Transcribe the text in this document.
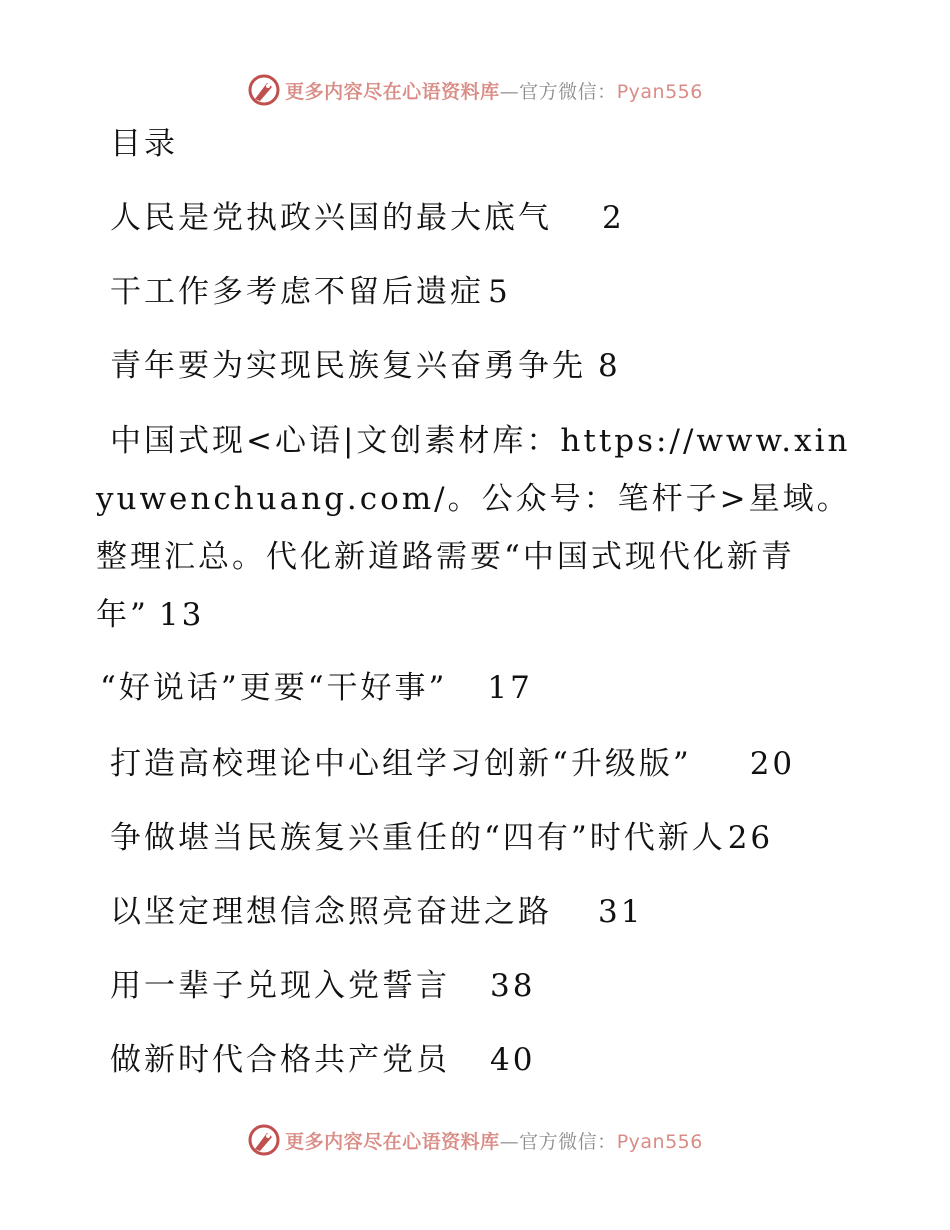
更多内容尽在心语资料库—官方微信：Pyan556
目录
人民是党执政兴国的最大底气 2
干工作多考虑不留后遗症 5
青年要为实现民族复兴奋勇争先 8
中国式现<心语|文创素材库：https://www.xinyuwenchuang.com/。公众号：笔杆子>星域。整理汇总。代化新道路需要“中国式现代化新青年” 13
“好说话”更要“干好事” 17
打造高校理论中心组学习创新“升级版” 20
争做堪当民族复兴重任的“四有”时代新人26
以坚定理想信念照亮奋进之路 31
用一辈子兑现入党誓言 38
做新时代合格共产党员 40
更多内容尽在心语资料库—官方微信：Pyan556
